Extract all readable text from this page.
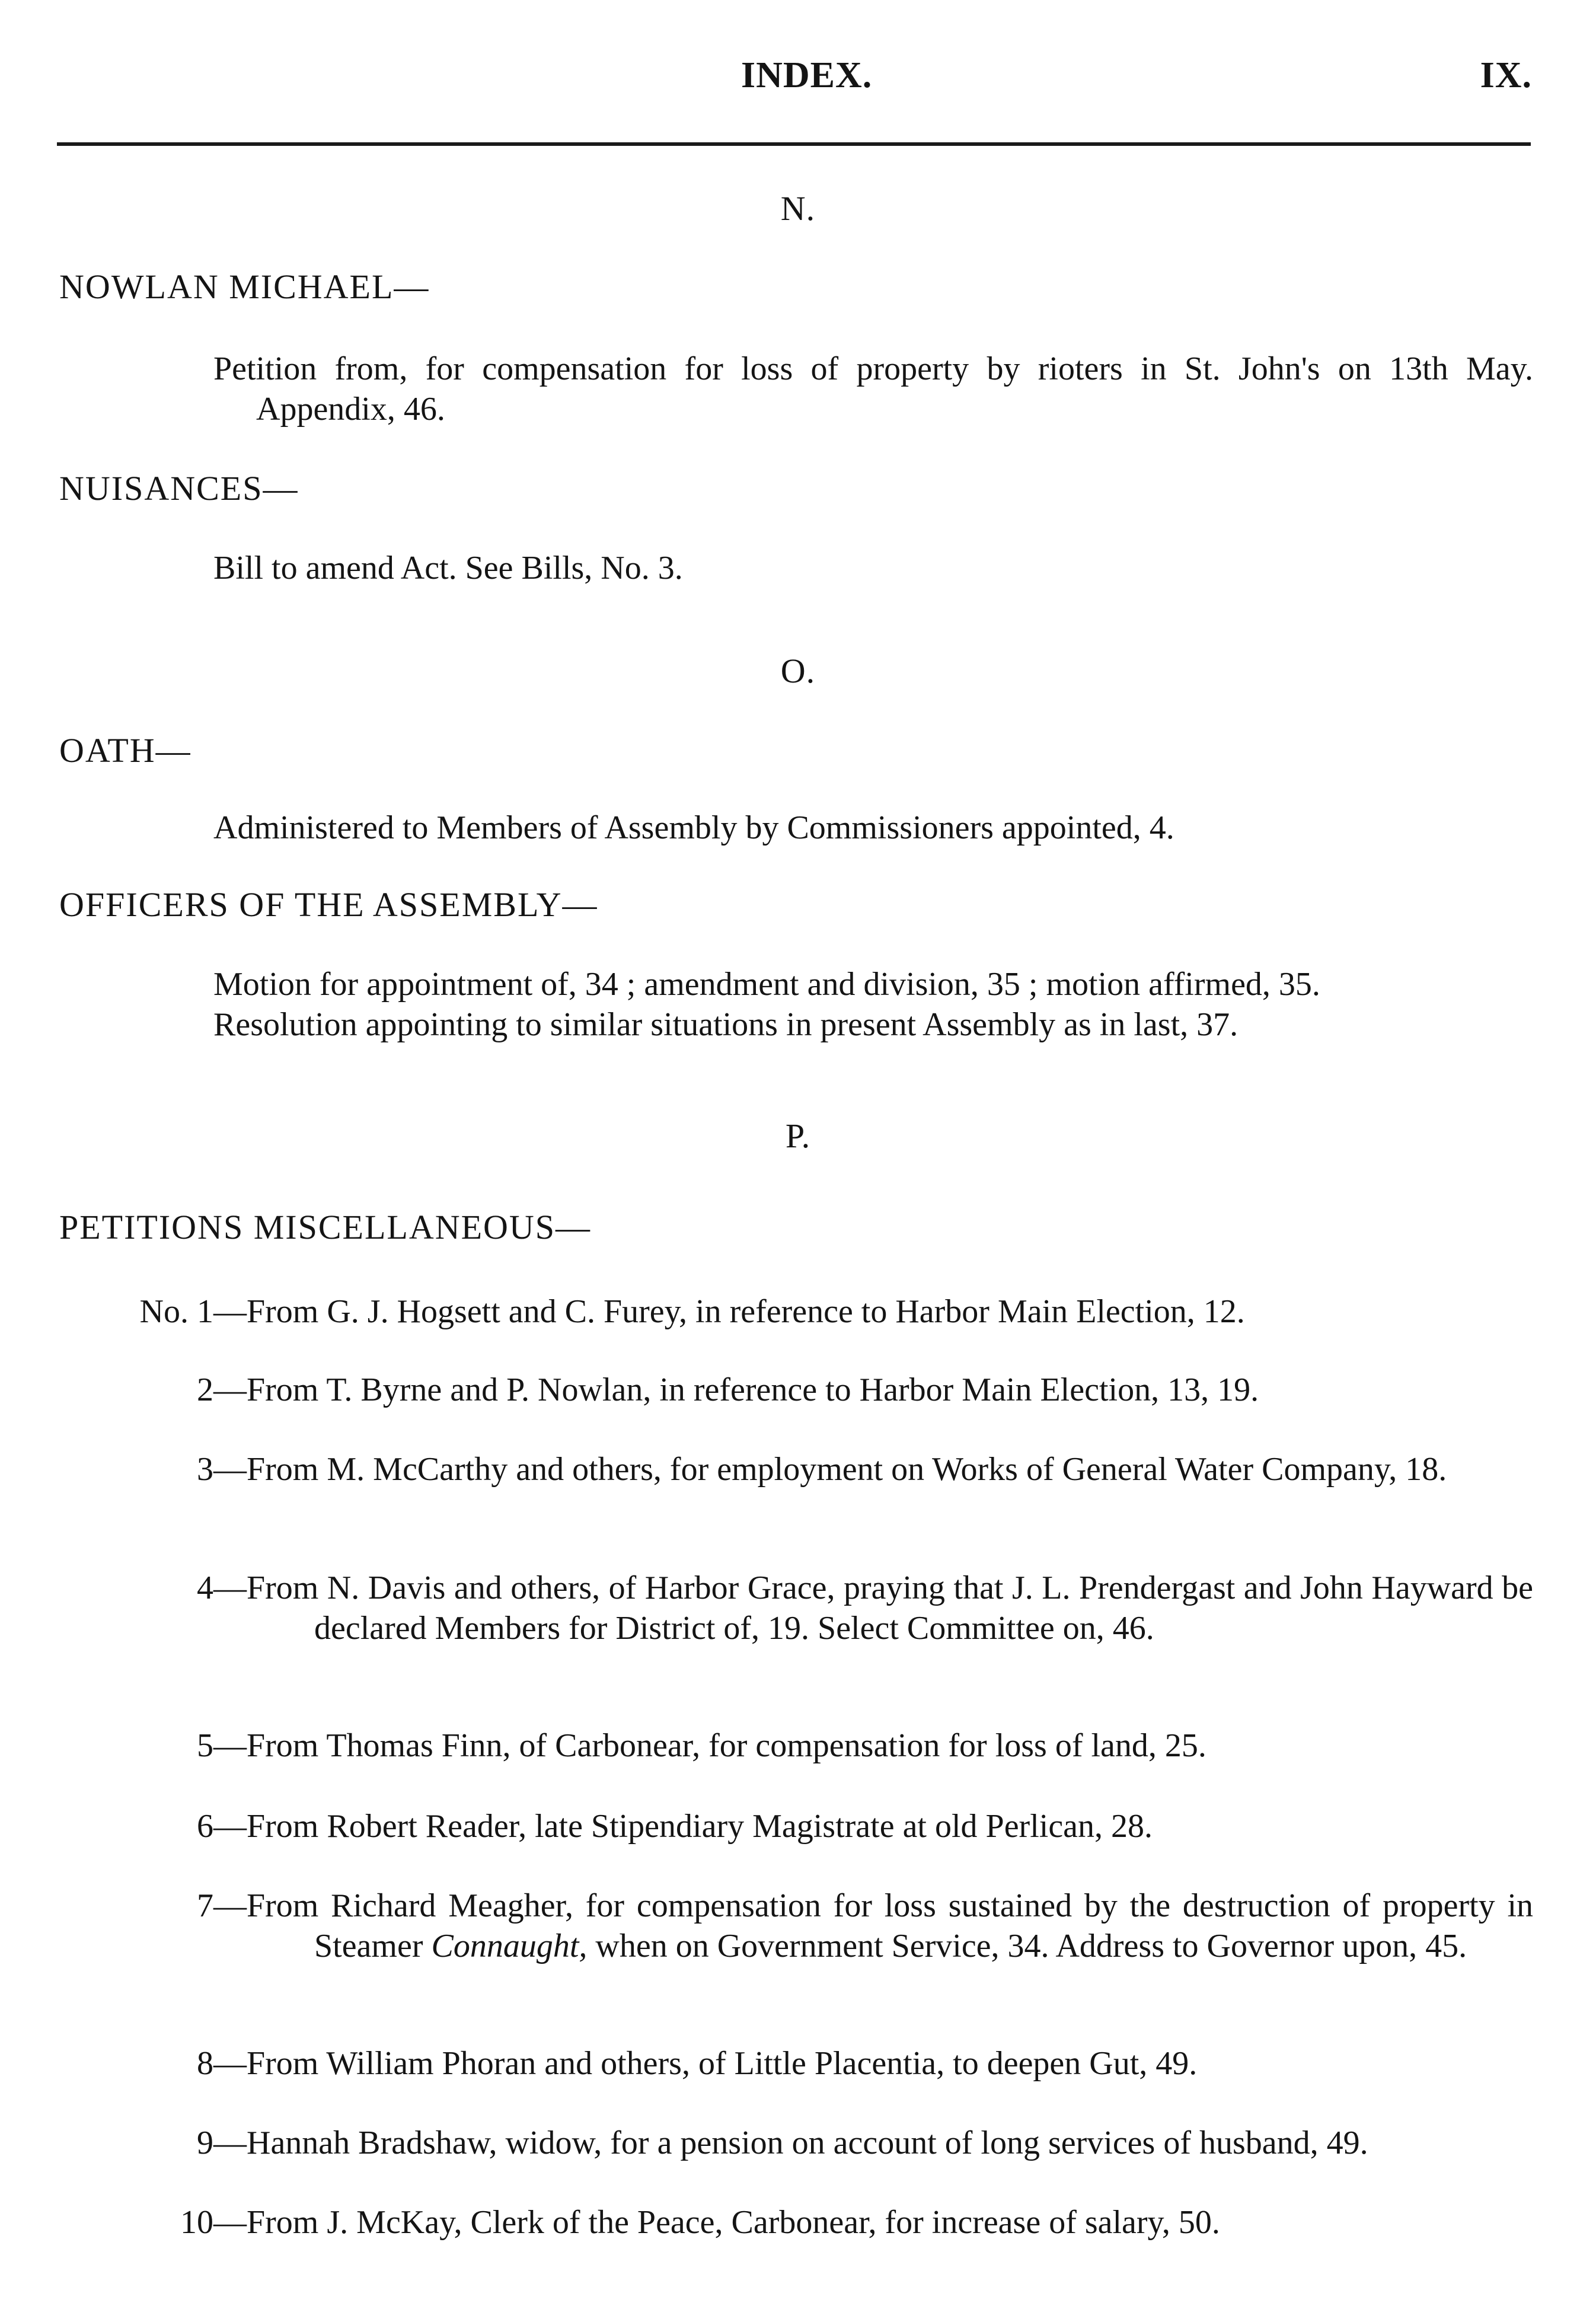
INDEX.	IX.
N.
NOWLAN MICHAEL—

Petition from, for compensation for loss of property by rioters in St. John's on 13th May. Appendix, 46.

NUISANCES—

Bill to amend Act. See Bills, No. 3.

O.
OATH—

Administered to Members of Assembly by Commissioners appointed, 4.

OFFICERS OF THE ASSEMBLY—

Motion for appointment of, 34 ; amendment and division, 35 ; motion affirmed, 35.

Resolution appointing to similar situations in present Assembly as in last, 37.

P.
PETITIONS MISCELLANEOUS—
No. 1 —From G. J. Hogsett and C. Furey, in reference to Harbor Main Election, 12.
2 —From T. Byrne and P. Nowlan, in reference to Harbor Main Election, 13, 19.
3 —From M. McCarthy and others, for employment on Works of General Water Company, 18.
4 —From N. Davis and others, of Harbor Grace, praying that J. L. Prendergast and John Hayward be declared Members for District of, 19. Select Committee on, 46.
5 —From Thomas Finn, of Carbonear, for compensation for loss of land, 25.
6 —From Robert Reader, late Stipendiary Magistrate at old Perlican, 28.
7 —From Richard Meagher, for compensation for loss sustained by the destruction of property in Steamer Connaught, when on Government Service, 34. Address to Governor upon, 45.
8 —From William Phoran and others, of Little Placentia, to deepen Gut, 49.
9 —Hannah Bradshaw, widow, for a pension on account of long services of husband, 49.
10 —From J. McKay, Clerk of the Peace, Carbonear, for increase of salary, 50.
